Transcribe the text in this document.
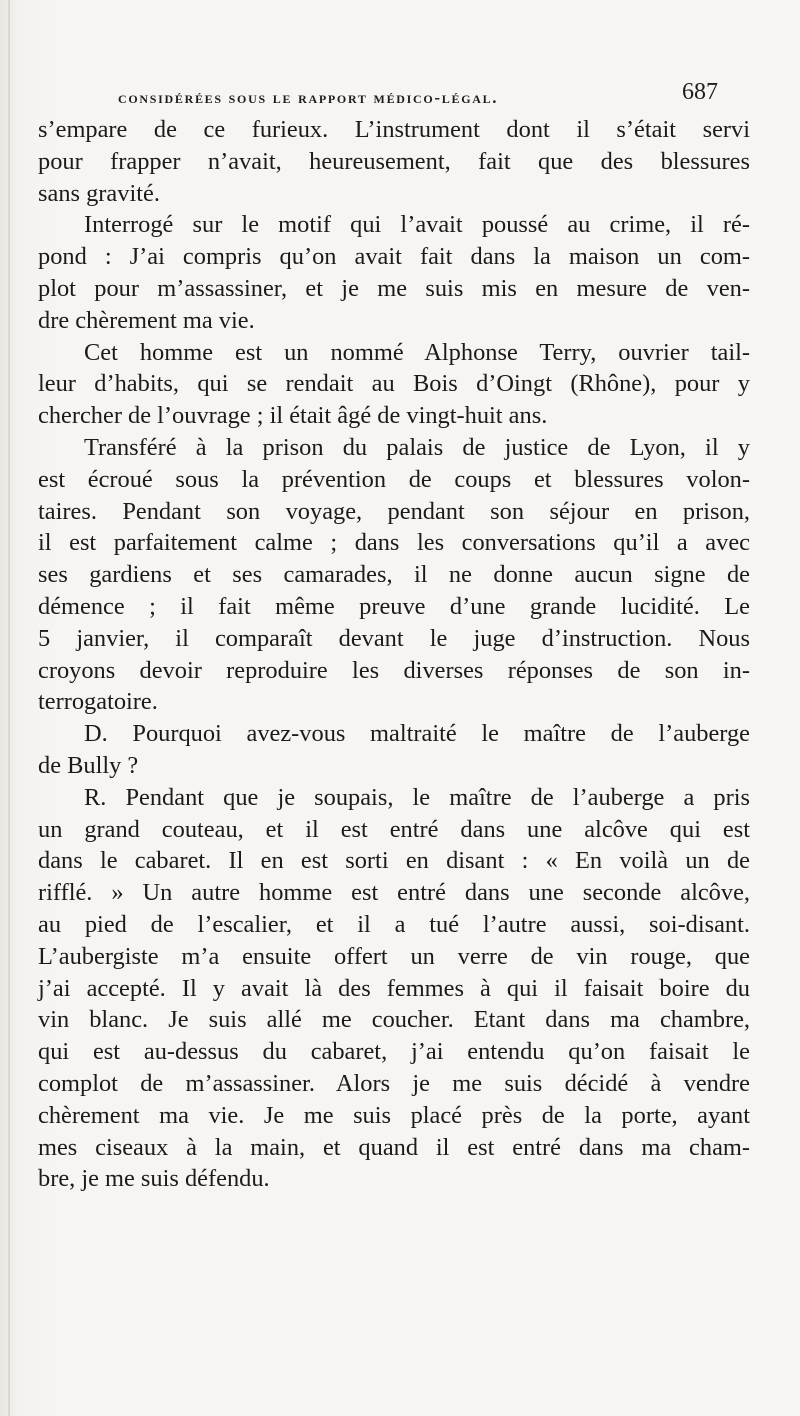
considérées sous le rapport médico-légal.	687

s’empare de ce furieux. L’instrument dont il s’était servi

pour frapper n’avait, heureusement, fait que des blessures

sans gravité.

Interrogé sur le motif qui l’avait poussé au crime, il ré-

pond : J’ai compris qu’on avait fait dans la maison un com-

plot pour m’assassiner, et je me suis mis en mesure de ven-

dre chèrement ma vie.

Cet homme est un nommé Alphonse Terry, ouvrier tail-

leur d’habits, qui se rendait au Bois d’Oingt (Rhône), pour y

chercher de l’ouvrage ; il était âgé de vingt-huit ans.

Transféré à la prison du palais de justice de Lyon, il y

est écroué sous la prévention de coups et blessures volon-

taires. Pendant son voyage, pendant son séjour en prison,

il est parfaitement calme ; dans les conversations qu’il a avec

ses gardiens et ses camarades, il ne donne aucun signe de

démence ; il fait même preuve d’une grande lucidité. Le

5 janvier, il comparaît devant le juge d’instruction. Nous

croyons devoir reproduire les diverses réponses de son in-

terrogatoire.

D. Pourquoi avez-vous maltraité le maître de l’auberge

de Bully ?

R. Pendant que je soupais, le maître de l’auberge a pris

un grand couteau, et il est entré dans une alcôve qui est

dans le cabaret. Il en est sorti en disant : « En voilà un de

rifflé. » Un autre homme est entré dans une seconde alcôve,

au pied de l’escalier, et il a tué l’autre aussi, soi-disant.

L’aubergiste m’a ensuite offert un verre de vin rouge, que

j’ai accepté. Il y avait là des femmes à qui il faisait boire du

vin blanc. Je suis allé me coucher. Etant dans ma chambre,

qui est au-dessus du cabaret, j’ai entendu qu’on faisait le

complot de m’assassiner. Alors je me suis décidé à vendre

chèrement ma vie. Je me suis placé près de la porte, ayant

mes ciseaux à la main, et quand il est entré dans ma cham-

bre, je me suis défendu.
